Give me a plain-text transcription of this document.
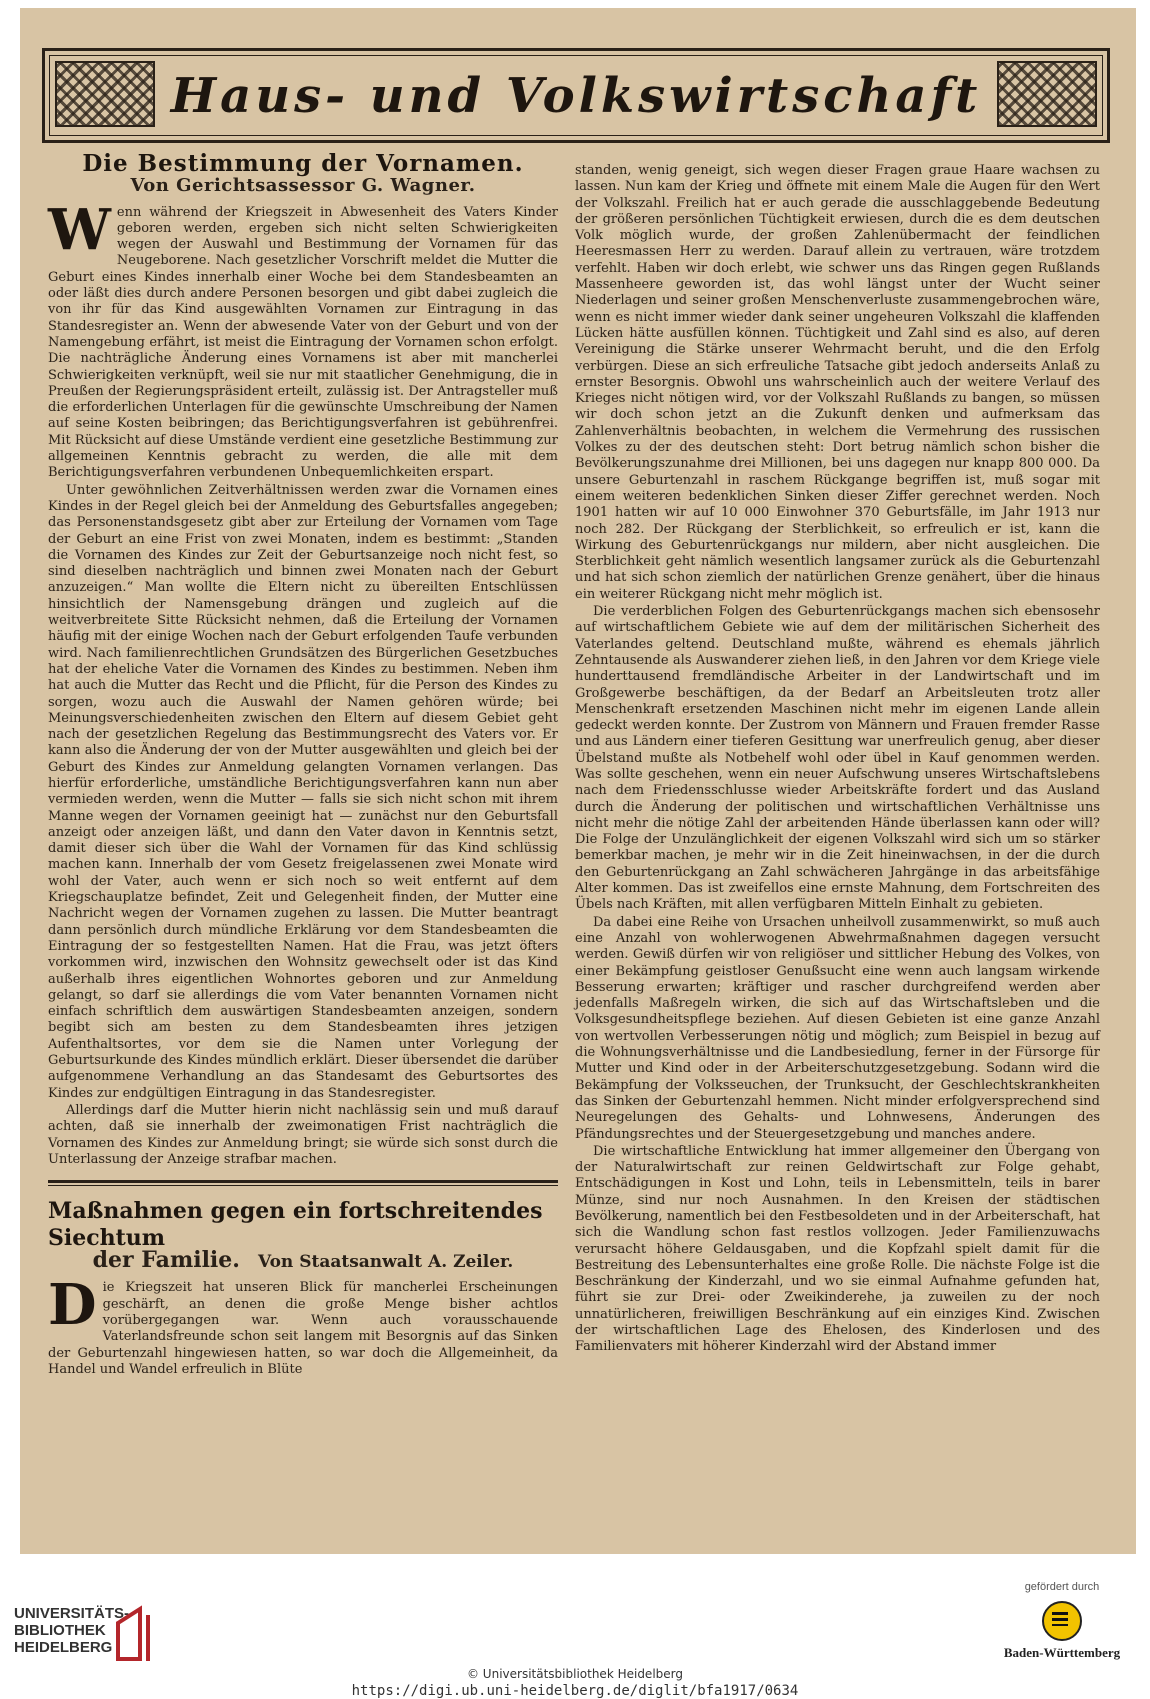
Haus- und Volkswirtschaft
Die Bestimmung der Vornamen.
Von Gerichtsassessor G. Wagner.

Wenn während der Kriegszeit in Abwesenheit des Vaters Kinder geboren werden, ergeben sich nicht selten Schwierigkeiten wegen der Auswahl und Bestimmung der Vornamen für das Neugeborene. Nach gesetzlicher Vorschrift meldet die Mutter die Geburt eines Kindes innerhalb einer Woche bei dem Standesbeamten an oder läßt dies durch andere Personen besorgen und gibt dabei zugleich die von ihr für das Kind ausgewählten Vornamen zur Eintragung in das Standesregister an. Wenn der abwesende Vater von der Geburt und von der Namengebung erfährt, ist meist die Eintragung der Vornamen schon erfolgt. Die nachträgliche Änderung eines Vornamens ist aber mit mancherlei Schwierigkeiten verknüpft, weil sie nur mit staatlicher Genehmigung, die in Preußen der Regierungspräsident erteilt, zulässig ist. Der Antragsteller muß die erforderlichen Unterlagen für die gewünschte Umschreibung der Namen auf seine Kosten beibringen; das Berichtigungsverfahren ist gebührenfrei. Mit Rücksicht auf diese Umstände verdient eine gesetzliche Bestimmung zur allgemeinen Kenntnis gebracht zu werden, die alle mit dem Berichtigungsverfahren verbundenen Unbequemlichkeiten erspart.

Unter gewöhnlichen Zeitverhältnissen werden zwar die Vornamen eines Kindes in der Regel gleich bei der Anmeldung des Geburtsfalles angegeben; das Personenstandsgesetz gibt aber zur Erteilung der Vornamen vom Tage der Geburt an eine Frist von zwei Monaten, indem es bestimmt: „Standen die Vornamen des Kindes zur Zeit der Geburtsanzeige noch nicht fest, so sind dieselben nachträglich und binnen zwei Monaten nach der Geburt anzuzeigen.“ Man wollte die Eltern nicht zu übereilten Entschlüssen hinsichtlich der Namensgebung drängen und zugleich auf die weitverbreitete Sitte Rücksicht nehmen, daß die Erteilung der Vornamen häufig mit der einige Wochen nach der Geburt erfolgenden Taufe verbunden wird. Nach familienrechtlichen Grundsätzen des Bürgerlichen Gesetzbuches hat der eheliche Vater die Vornamen des Kindes zu bestimmen. Neben ihm hat auch die Mutter das Recht und die Pflicht, für die Person des Kindes zu sorgen, wozu auch die Auswahl der Namen gehören würde; bei Meinungsverschiedenheiten zwischen den Eltern auf diesem Gebiet geht nach der gesetzlichen Regelung das Bestimmungsrecht des Vaters vor. Er kann also die Änderung der von der Mutter ausgewählten und gleich bei der Geburt des Kindes zur Anmeldung gelangten Vornamen verlangen. Das hierfür erforderliche, umständliche Berichtigungsverfahren kann nun aber vermieden werden, wenn die Mutter — falls sie sich nicht schon mit ihrem Manne wegen der Vornamen geeinigt hat — zunächst nur den Geburtsfall anzeigt oder anzeigen läßt, und dann den Vater davon in Kenntnis setzt, damit dieser sich über die Wahl der Vornamen für das Kind schlüssig machen kann. Innerhalb der vom Gesetz freigelassenen zwei Monate wird wohl der Vater, auch wenn er sich noch so weit entfernt auf dem Kriegschauplatze befindet, Zeit und Gelegenheit finden, der Mutter eine Nachricht wegen der Vornamen zugehen zu lassen. Die Mutter beantragt dann persönlich durch mündliche Erklärung vor dem Standesbeamten die Eintragung der so festgestellten Namen. Hat die Frau, was jetzt öfters vorkommen wird, inzwischen den Wohnsitz gewechselt oder ist das Kind außerhalb ihres eigentlichen Wohnortes geboren und zur Anmeldung gelangt, so darf sie allerdings die vom Vater benannten Vornamen nicht einfach schriftlich dem auswärtigen Standesbeamten anzeigen, sondern begibt sich am besten zu dem Standesbeamten ihres jetzigen Aufenthaltsortes, vor dem sie die Namen unter Vorlegung der Geburtsurkunde des Kindes mündlich erklärt. Dieser übersendet die darüber aufgenommene Verhandlung an das Standesamt des Geburtsortes des Kindes zur endgültigen Eintragung in das Standesregister.

Allerdings darf die Mutter hierin nicht nachlässig sein und muß darauf achten, daß sie innerhalb der zweimonatigen Frist nachträglich die Vornamen des Kindes zur Anmeldung bringt; sie würde sich sonst durch die Unterlassung der Anzeige strafbar machen.

Maßnahmen gegen ein fortschreitendes Siechtum
der Familie. Von Staatsanwalt A. Zeiler.

Die Kriegszeit hat unseren Blick für mancherlei Erscheinungen geschärft, an denen die große Menge bisher achtlos vorübergegangen war. Wenn auch vorausschauende Vaterlandsfreunde schon seit langem mit Besorgnis auf das Sinken der Geburtenzahl hingewiesen hatten, so war doch die Allgemeinheit, da Handel und Wandel erfreulich in Blüte

standen, wenig geneigt, sich wegen dieser Fragen graue Haare wachsen zu lassen. Nun kam der Krieg und öffnete mit einem Male die Augen für den Wert der Volkszahl. Freilich hat er auch gerade die ausschlaggebende Bedeutung der größeren persönlichen Tüchtigkeit erwiesen, durch die es dem deutschen Volk möglich wurde, der großen Zahlenübermacht der feindlichen Heeresmassen Herr zu werden. Darauf allein zu vertrauen, wäre trotzdem verfehlt. Haben wir doch erlebt, wie schwer uns das Ringen gegen Rußlands Massenheere geworden ist, das wohl längst unter der Wucht seiner Niederlagen und seiner großen Menschenverluste zusammengebrochen wäre, wenn es nicht immer wieder dank seiner ungeheuren Volkszahl die klaffenden Lücken hätte ausfüllen können. Tüchtigkeit und Zahl sind es also, auf deren Vereinigung die Stärke unserer Wehrmacht beruht, und die den Erfolg verbürgen. Diese an sich erfreuliche Tatsache gibt jedoch anderseits Anlaß zu ernster Besorgnis. Obwohl uns wahrscheinlich auch der weitere Verlauf des Krieges nicht nötigen wird, vor der Volkszahl Rußlands zu bangen, so müssen wir doch schon jetzt an die Zukunft denken und aufmerksam das Zahlenverhältnis beobachten, in welchem die Vermehrung des russischen Volkes zu der des deutschen steht: Dort betrug nämlich schon bisher die Bevölkerungszunahme drei Millionen, bei uns dagegen nur knapp 800 000. Da unsere Geburtenzahl in raschem Rückgange begriffen ist, muß sogar mit einem weiteren bedenklichen Sinken dieser Ziffer gerechnet werden. Noch 1901 hatten wir auf 10 000 Einwohner 370 Geburtsfälle, im Jahr 1913 nur noch 282. Der Rückgang der Sterblichkeit, so erfreulich er ist, kann die Wirkung des Geburtenrückgangs nur mildern, aber nicht ausgleichen. Die Sterblichkeit geht nämlich wesentlich langsamer zurück als die Geburtenzahl und hat sich schon ziemlich der natürlichen Grenze genähert, über die hinaus ein weiterer Rückgang nicht mehr möglich ist.

Die verderblichen Folgen des Geburtenrückgangs machen sich ebensosehr auf wirtschaftlichem Gebiete wie auf dem der militärischen Sicherheit des Vaterlandes geltend. Deutschland mußte, während es ehemals jährlich Zehntausende als Auswanderer ziehen ließ, in den Jahren vor dem Kriege viele hunderttausend fremdländische Arbeiter in der Landwirtschaft und im Großgewerbe beschäftigen, da der Bedarf an Arbeitsleuten trotz aller Menschenkraft ersetzenden Maschinen nicht mehr im eigenen Lande allein gedeckt werden konnte. Der Zustrom von Männern und Frauen fremder Rasse und aus Ländern einer tieferen Gesittung war unerfreulich genug, aber dieser Übelstand mußte als Notbehelf wohl oder übel in Kauf genommen werden. Was sollte geschehen, wenn ein neuer Aufschwung unseres Wirtschaftslebens nach dem Friedensschlusse wieder Arbeitskräfte fordert und das Ausland durch die Änderung der politischen und wirtschaftlichen Verhältnisse uns nicht mehr die nötige Zahl der arbeitenden Hände überlassen kann oder will? Die Folge der Unzulänglichkeit der eigenen Volkszahl wird sich um so stärker bemerkbar machen, je mehr wir in die Zeit hineinwachsen, in der die durch den Geburtenrückgang an Zahl schwächeren Jahrgänge in das arbeitsfähige Alter kommen. Das ist zweifellos eine ernste Mahnung, dem Fortschreiten des Übels nach Kräften, mit allen verfügbaren Mitteln Einhalt zu gebieten.

Da dabei eine Reihe von Ursachen unheilvoll zusammenwirkt, so muß auch eine Anzahl von wohlerwogenen Abwehrmaßnahmen dagegen versucht werden. Gewiß dürfen wir von religiöser und sittlicher Hebung des Volkes, von einer Bekämpfung geistloser Genußsucht eine wenn auch langsam wirkende Besserung erwarten; kräftiger und rascher durchgreifend werden aber jedenfalls Maßregeln wirken, die sich auf das Wirtschaftsleben und die Volksgesundheitspflege beziehen. Auf diesen Gebieten ist eine ganze Anzahl von wertvollen Verbesserungen nötig und möglich; zum Beispiel in bezug auf die Wohnungsverhältnisse und die Landbesiedlung, ferner in der Fürsorge für Mutter und Kind oder in der Arbeiterschutzgesetzgebung. Sodann wird die Bekämpfung der Volksseuchen, der Trunksucht, der Geschlechtskrankheiten das Sinken der Geburtenzahl hemmen. Nicht minder erfolgversprechend sind Neuregelungen des Gehalts- und Lohnwesens, Änderungen des Pfändungsrechtes und der Steuergesetzgebung und manches andere.

Die wirtschaftliche Entwicklung hat immer allgemeiner den Übergang von der Naturalwirtschaft zur reinen Geldwirtschaft zur Folge gehabt, Entschädigungen in Kost und Lohn, teils in Lebensmitteln, teils in barer Münze, sind nur noch Ausnahmen. In den Kreisen der städtischen Bevölkerung, namentlich bei den Festbesoldeten und in der Arbeiterschaft, hat sich die Wandlung schon fast restlos vollzogen. Jeder Familienzuwachs verursacht höhere Geldausgaben, und die Kopfzahl spielt damit für die Bestreitung des Lebensunterhaltes eine große Rolle. Die nächste Folge ist die Beschränkung der Kinderzahl, und wo sie einmal Aufnahme gefunden hat, führt sie zur Drei- oder Zweikinderehe, ja zuweilen zu der noch unnatürlicheren, freiwilligen Beschränkung auf ein einziges Kind. Zwischen der wirtschaftlichen Lage des Ehelosen, des Kinderlosen und des Familienvaters mit höherer Kinderzahl wird der Abstand immer

UNIVERSITÄTS-
BIBLIOTHEK
HEIDELBERG
© Universitätsbibliothek Heidelberg
https://digi.ub.uni-heidelberg.de/diglit/bfa1917/0634
gefördert durch
Baden-Württemberg
